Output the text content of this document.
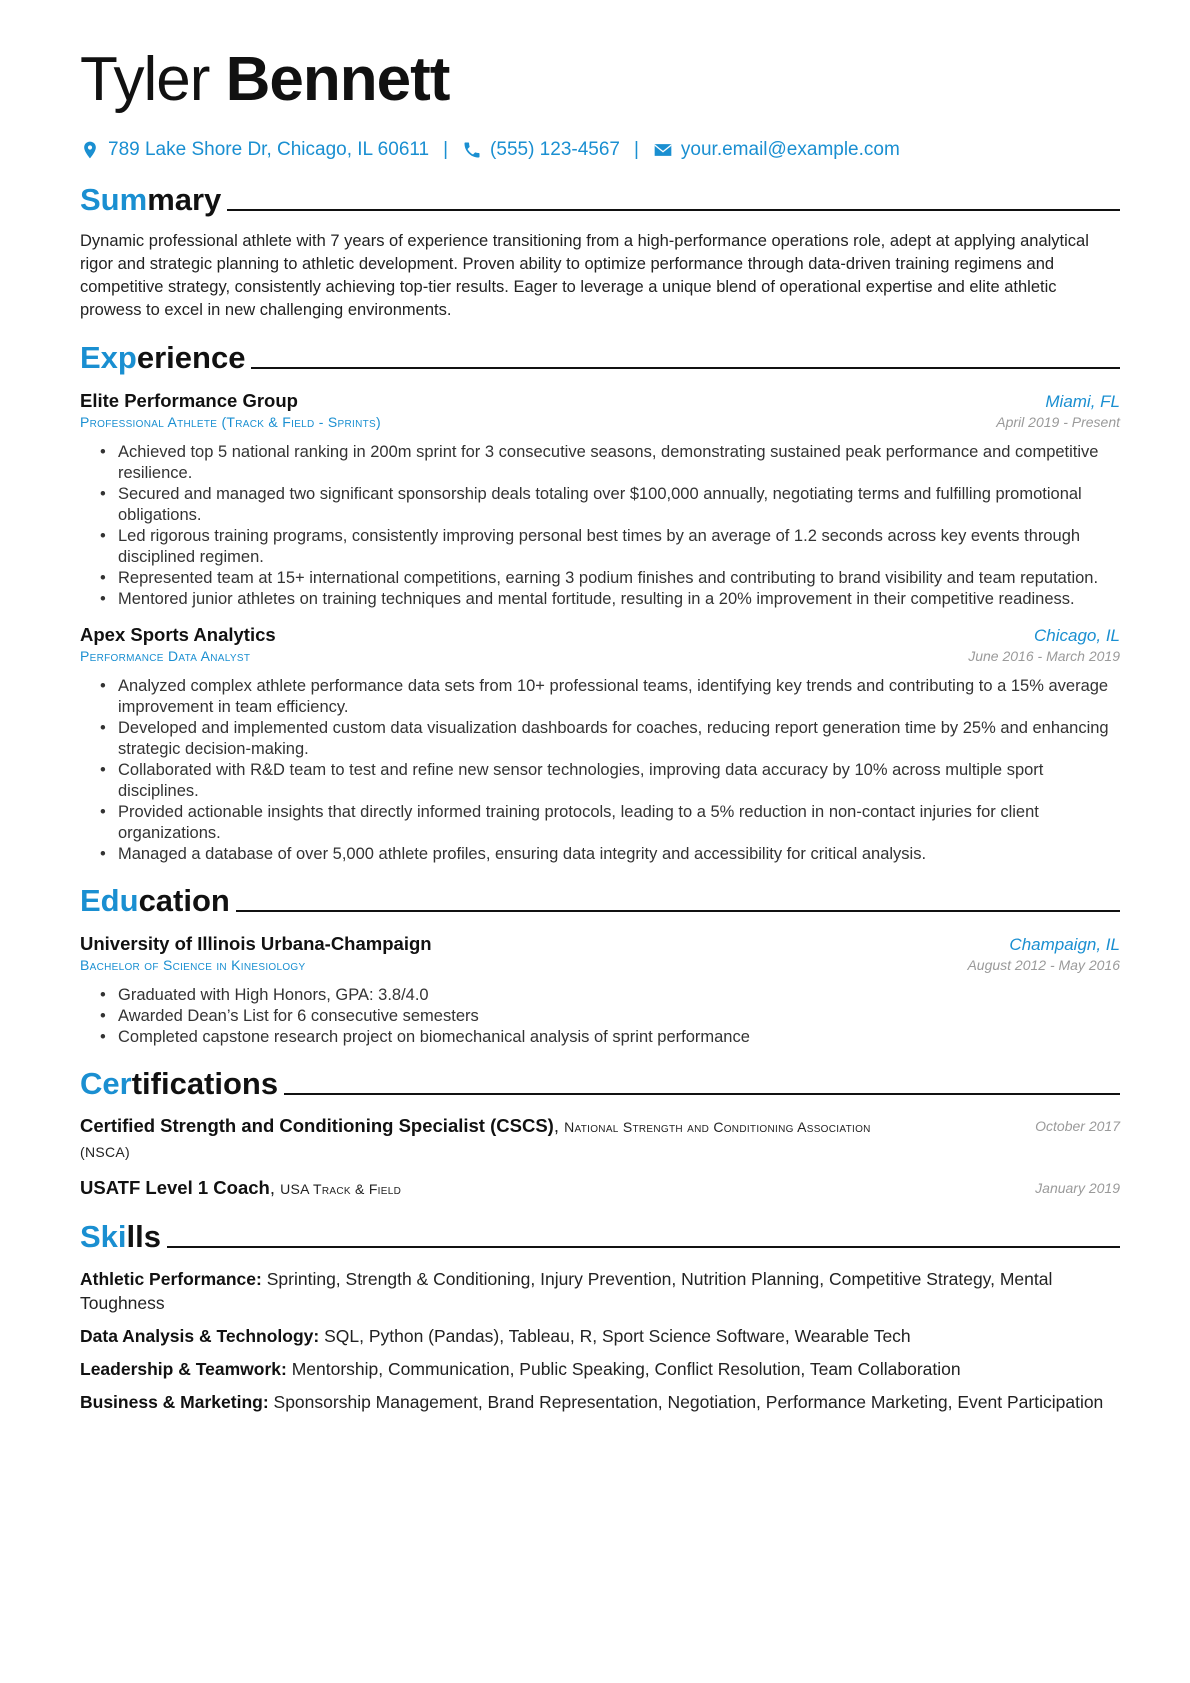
Tyler Bennett
789 Lake Shore Dr, Chicago, IL 60611 | (555) 123-4567 | your.email@example.com
Summary
Dynamic professional athlete with 7 years of experience transitioning from a high-performance operations role, adept at applying analytical rigor and strategic planning to athletic development. Proven ability to optimize performance through data-driven training regimens and competitive strategy, consistently achieving top-tier results. Eager to leverage a unique blend of operational expertise and elite athletic prowess to excel in new challenging environments.
Experience
Elite Performance Group	Miami, FL
Professional Athlete (Track & Field - Sprints)	April 2019 - Present
• Achieved top 5 national ranking in 200m sprint for 3 consecutive seasons, demonstrating sustained peak performance and competitive resilience.
• Secured and managed two significant sponsorship deals totaling over $100,000 annually, negotiating terms and fulfilling promotional obligations.
• Led rigorous training programs, consistently improving personal best times by an average of 1.2 seconds across key events through disciplined regimen.
• Represented team at 15+ international competitions, earning 3 podium finishes and contributing to brand visibility and team reputation.
• Mentored junior athletes on training techniques and mental fortitude, resulting in a 20% improvement in their competitive readiness.
Apex Sports Analytics	Chicago, IL
Performance Data Analyst	June 2016 - March 2019
• Analyzed complex athlete performance data sets from 10+ professional teams, identifying key trends and contributing to a 15% average improvement in team efficiency.
• Developed and implemented custom data visualization dashboards for coaches, reducing report generation time by 25% and enhancing strategic decision-making.
• Collaborated with R&D team to test and refine new sensor technologies, improving data accuracy by 10% across multiple sport disciplines.
• Provided actionable insights that directly informed training protocols, leading to a 5% reduction in non-contact injuries for client organizations.
• Managed a database of over 5,000 athlete profiles, ensuring data integrity and accessibility for critical analysis.
Education
University of Illinois Urbana-Champaign	Champaign, IL
Bachelor of Science in Kinesiology	August 2012 - May 2016
• Graduated with High Honors, GPA: 3.8/4.0
• Awarded Dean’s List for 6 consecutive semesters
• Completed capstone research project on biomechanical analysis of sprint performance
Certifications
Certified Strength and Conditioning Specialist (CSCS), National Strength and Conditioning Association (NSCA)
October 2017
USATF Level 1 Coach, USA Track & Field	January 2019
Skills
Athletic Performance: Sprinting, Strength & Conditioning, Injury Prevention, Nutrition Planning, Competitive Strategy, Mental Toughness
Data Analysis & Technology: SQL, Python (Pandas), Tableau, R, Sport Science Software, Wearable Tech
Leadership & Teamwork: Mentorship, Communication, Public Speaking, Conflict Resolution, Team Collaboration
Business & Marketing: Sponsorship Management, Brand Representation, Negotiation, Performance Marketing, Event Participation
